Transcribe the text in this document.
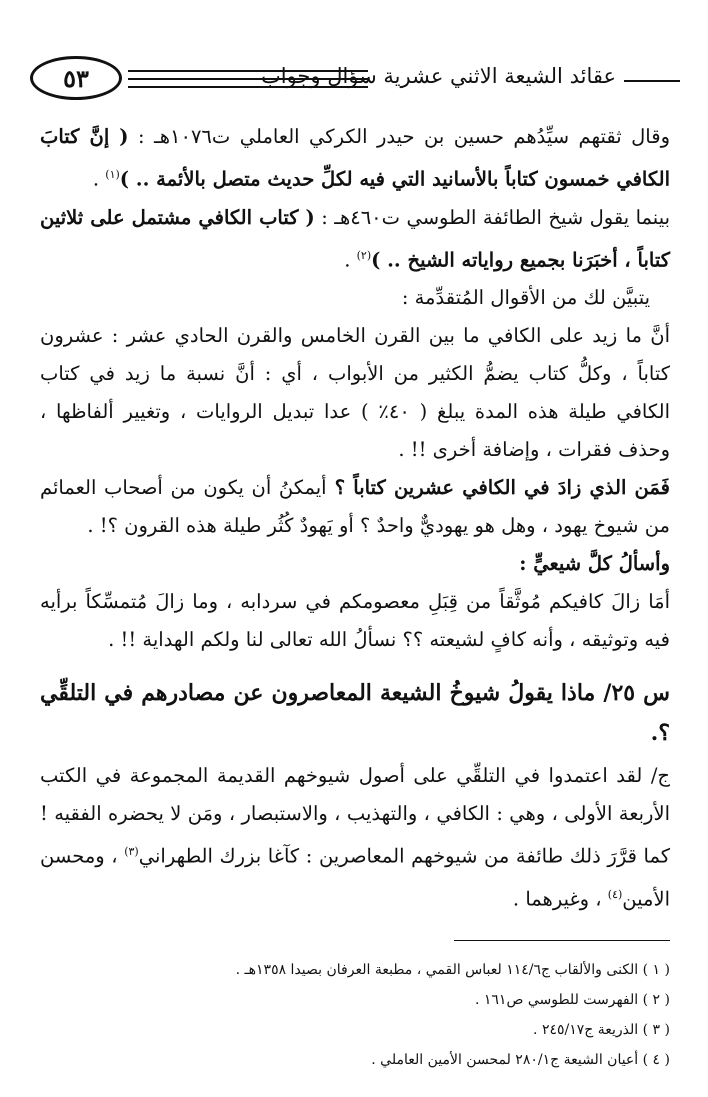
٥٣	عقائد الشيعة الاثني عشرية سؤال وجواب

وقال ثقتهم سيِّدُهم حسين بن حيدر الكركي العاملي ت١٠٧٦هـ : ( إنَّ كتابَ الكافي خمسون كتاباً بالأسانيد التي فيه لكلِّ حديث متصل بالأئمة .. )$^{(١)}$ .

بينما يقول شيخ الطائفة الطوسي ت٤٦٠هـ : ( كتاب الكافي مشتمل على ثلاثين كتاباً ، أخبَرَنا بجميع رواياته الشيخ .. )$^{(٢)}$ .

يتبيَّن لك من الأقوال المُتقدِّمة :

أنَّ ما زيد على الكافي ما بين القرن الخامس والقرن الحادي عشر : عشرون كتاباً ، وكلُّ كتاب يضمُّ الكثير من الأبواب ، أي : أنَّ نسبة ما زيد في كتاب الكافي طيلة هذه المدة يبلغ ( ٤٠٪ ) عدا تبديل الروايات ، وتغيير ألفاظها ، وحذف فقرات ، وإضافة أخرى !! .

فَمَن الذي زادَ في الكافي عشرين كتاباً ؟ أيمكنُ أن يكون من أصحاب العمائم من شيوخ يهود ، وهل هو يهوديٌّ واحدٌ ؟ أو يَهودٌ كُثُر طيلة هذه القرون ؟! .

وأسألُ كلَّ شيعيٍّ :

أمَا زالَ كافيكم مُوثَّقاً من قِبَلِ معصومكم في سردابه ، وما زالَ مُتمسِّكاً برأيه فيه وتوثيقه ، وأنه كافٍ لشيعته ؟؟ نسألُ الله تعالى لنا ولكم الهداية !! .

س ٢٥/ ماذا يقولُ شيوخُ الشيعة المعاصرون عن مصادرهم في التلقِّي ؟.

ج/ لقد اعتمدوا في التلقِّي على أصول شيوخهم القديمة المجموعة في الكتب الأربعة الأولى ، وهي : الكافي ، والتهذيب ، والاستبصار ، ومَن لا يحضره الفقيه ! كما قرَّرَ ذلك طائفة من شيوخهم المعاصرين : كآغا بزرك الطهراني$^{(٣)}$ ، ومحسن الأمين$^{(٤)}$ ، وغيرهما .

( ١ ) الكنى والألقاب ج١١٤/٦ لعباس القمي ، مطبعة العرفان بصيدا ١٣٥٨هـ .
( ٢ ) الفهرست للطوسي ص١٦١ .
( ٣ ) الذريعة ج٢٤٥/١٧ .
( ٤ ) أعيان الشيعة ج٢٨٠/١ لمحسن الأمين العاملي .
